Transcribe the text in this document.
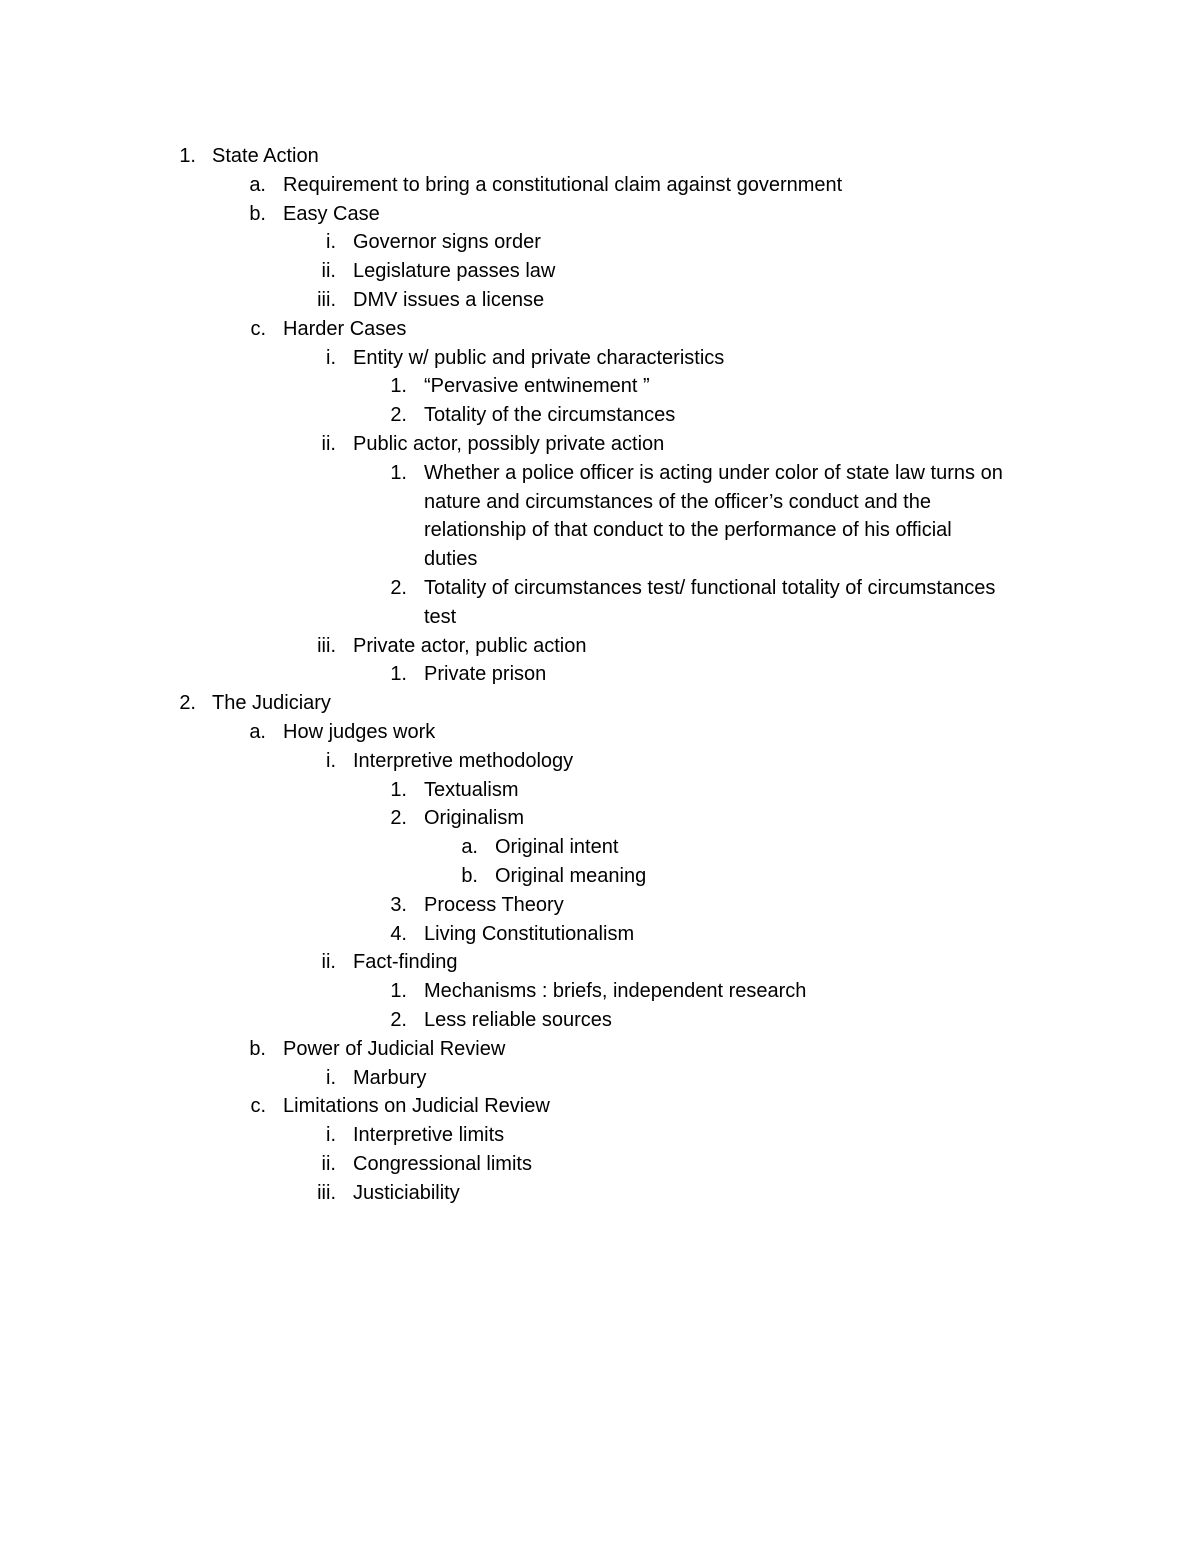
1. State Action
a. Requirement to bring a constitutional claim against government
b. Easy Case
i. Governor signs order
ii. Legislature passes law
iii. DMV issues a license
c. Harder Cases
i. Entity w/ public and private characteristics
1. “Pervasive entwinement ”
2. Totality of the circumstances
ii. Public actor, possibly private action
1. Whether a police officer is acting under color of state law turns on
nature and circumstances of the officer’s conduct and the
relationship of that conduct to the performance of his official
duties
2. Totality of circumstances test/ functional totality of circumstances
test
iii. Private actor, public action
1. Private prison
2. The Judiciary
a. How judges work
i. Interpretive methodology
1. Textualism
2. Originalism
a. Original intent
b. Original meaning
3. Process Theory
4. Living Constitutionalism
ii. Fact-finding
1. Mechanisms : briefs, independent research
2. Less reliable sources
b. Power of Judicial Review
i. Marbury
c. Limitations on Judicial Review
i. Interpretive limits
ii. Congressional limits
iii. Justiciability
